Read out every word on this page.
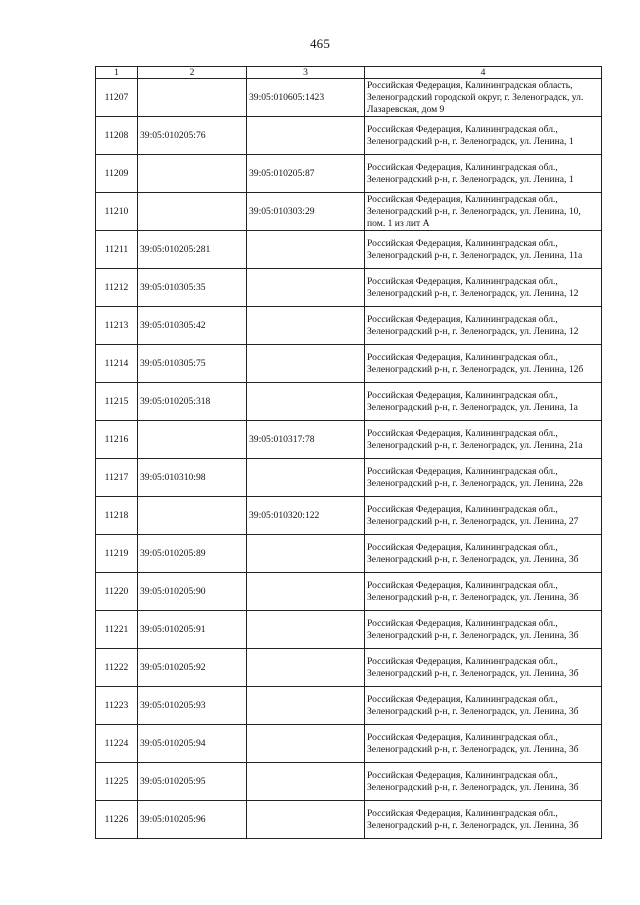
465
1	2	3	4
11207		39:05:010605:1423	Российская Федерация, Калининградская область, Зеленоградский городской округ, г. Зеленоградск, ул. Лазаревская, дом 9
11208	39:05:010205:76		Российская Федерация, Калининградская обл., Зеленоградский р-н, г. Зеленоградск, ул. Ленина, 1
11209		39:05:010205:87	Российская Федерация, Калининградская обл., Зеленоградский р-н, г. Зеленоградск, ул. Ленина, 1
11210		39:05:010303:29	Российская Федерация, Калининградская обл., Зеленоградский р-н, г. Зеленоградск, ул. Ленина, 10, пом. 1 из лит А
11211	39:05:010205:281		Российская Федерация, Калининградская обл., Зеленоградский р-н, г. Зеленоградск, ул. Ленина, 11а
11212	39:05:010305:35		Российская Федерация, Калининградская обл., Зеленоградский р-н, г. Зеленоградск, ул. Ленина, 12
11213	39:05:010305:42		Российская Федерация, Калининградская обл., Зеленоградский р-н, г. Зеленоградск, ул. Ленина, 12
11214	39:05:010305:75		Российская Федерация, Калининградская обл., Зеленоградский р-н, г. Зеленоградск, ул. Ленина, 12б
11215	39:05:010205:318		Российская Федерация, Калининградская обл., Зеленоградский р-н, г. Зеленоградск, ул. Ленина, 1а
11216		39:05:010317:78	Российская Федерация, Калининградская обл., Зеленоградский р-н, г. Зеленоградск, ул. Ленина, 21а
11217	39:05:010310:98		Российская Федерация, Калининградская обл., Зеленоградский р-н, г. Зеленоградск, ул. Ленина, 22в
11218		39:05:010320:122	Российская Федерация, Калининградская обл., Зеленоградский р-н, г. Зеленоградск, ул. Ленина, 27
11219	39:05:010205:89		Российская Федерация, Калининградская обл., Зеленоградский р-н, г. Зеленоградск, ул. Ленина, 3б
11220	39:05:010205:90		Российская Федерация, Калининградская обл., Зеленоградский р-н, г. Зеленоградск, ул. Ленина, 3б
11221	39:05:010205:91		Российская Федерация, Калининградская обл., Зеленоградский р-н, г. Зеленоградск, ул. Ленина, 3б
11222	39:05:010205:92		Российская Федерация, Калининградская обл., Зеленоградский р-н, г. Зеленоградск, ул. Ленина, 3б
11223	39:05:010205:93		Российская Федерация, Калининградская обл., Зеленоградский р-н, г. Зеленоградск, ул. Ленина, 3б
11224	39:05:010205:94		Российская Федерация, Калининградская обл., Зеленоградский р-н, г. Зеленоградск, ул. Ленина, 3б
11225	39:05:010205:95		Российская Федерация, Калининградская обл., Зеленоградский р-н, г. Зеленоградск, ул. Ленина, 3б
11226	39:05:010205:96		Российская Федерация, Калининградская обл., Зеленоградский р-н, г. Зеленоградск, ул. Ленина, 3б
